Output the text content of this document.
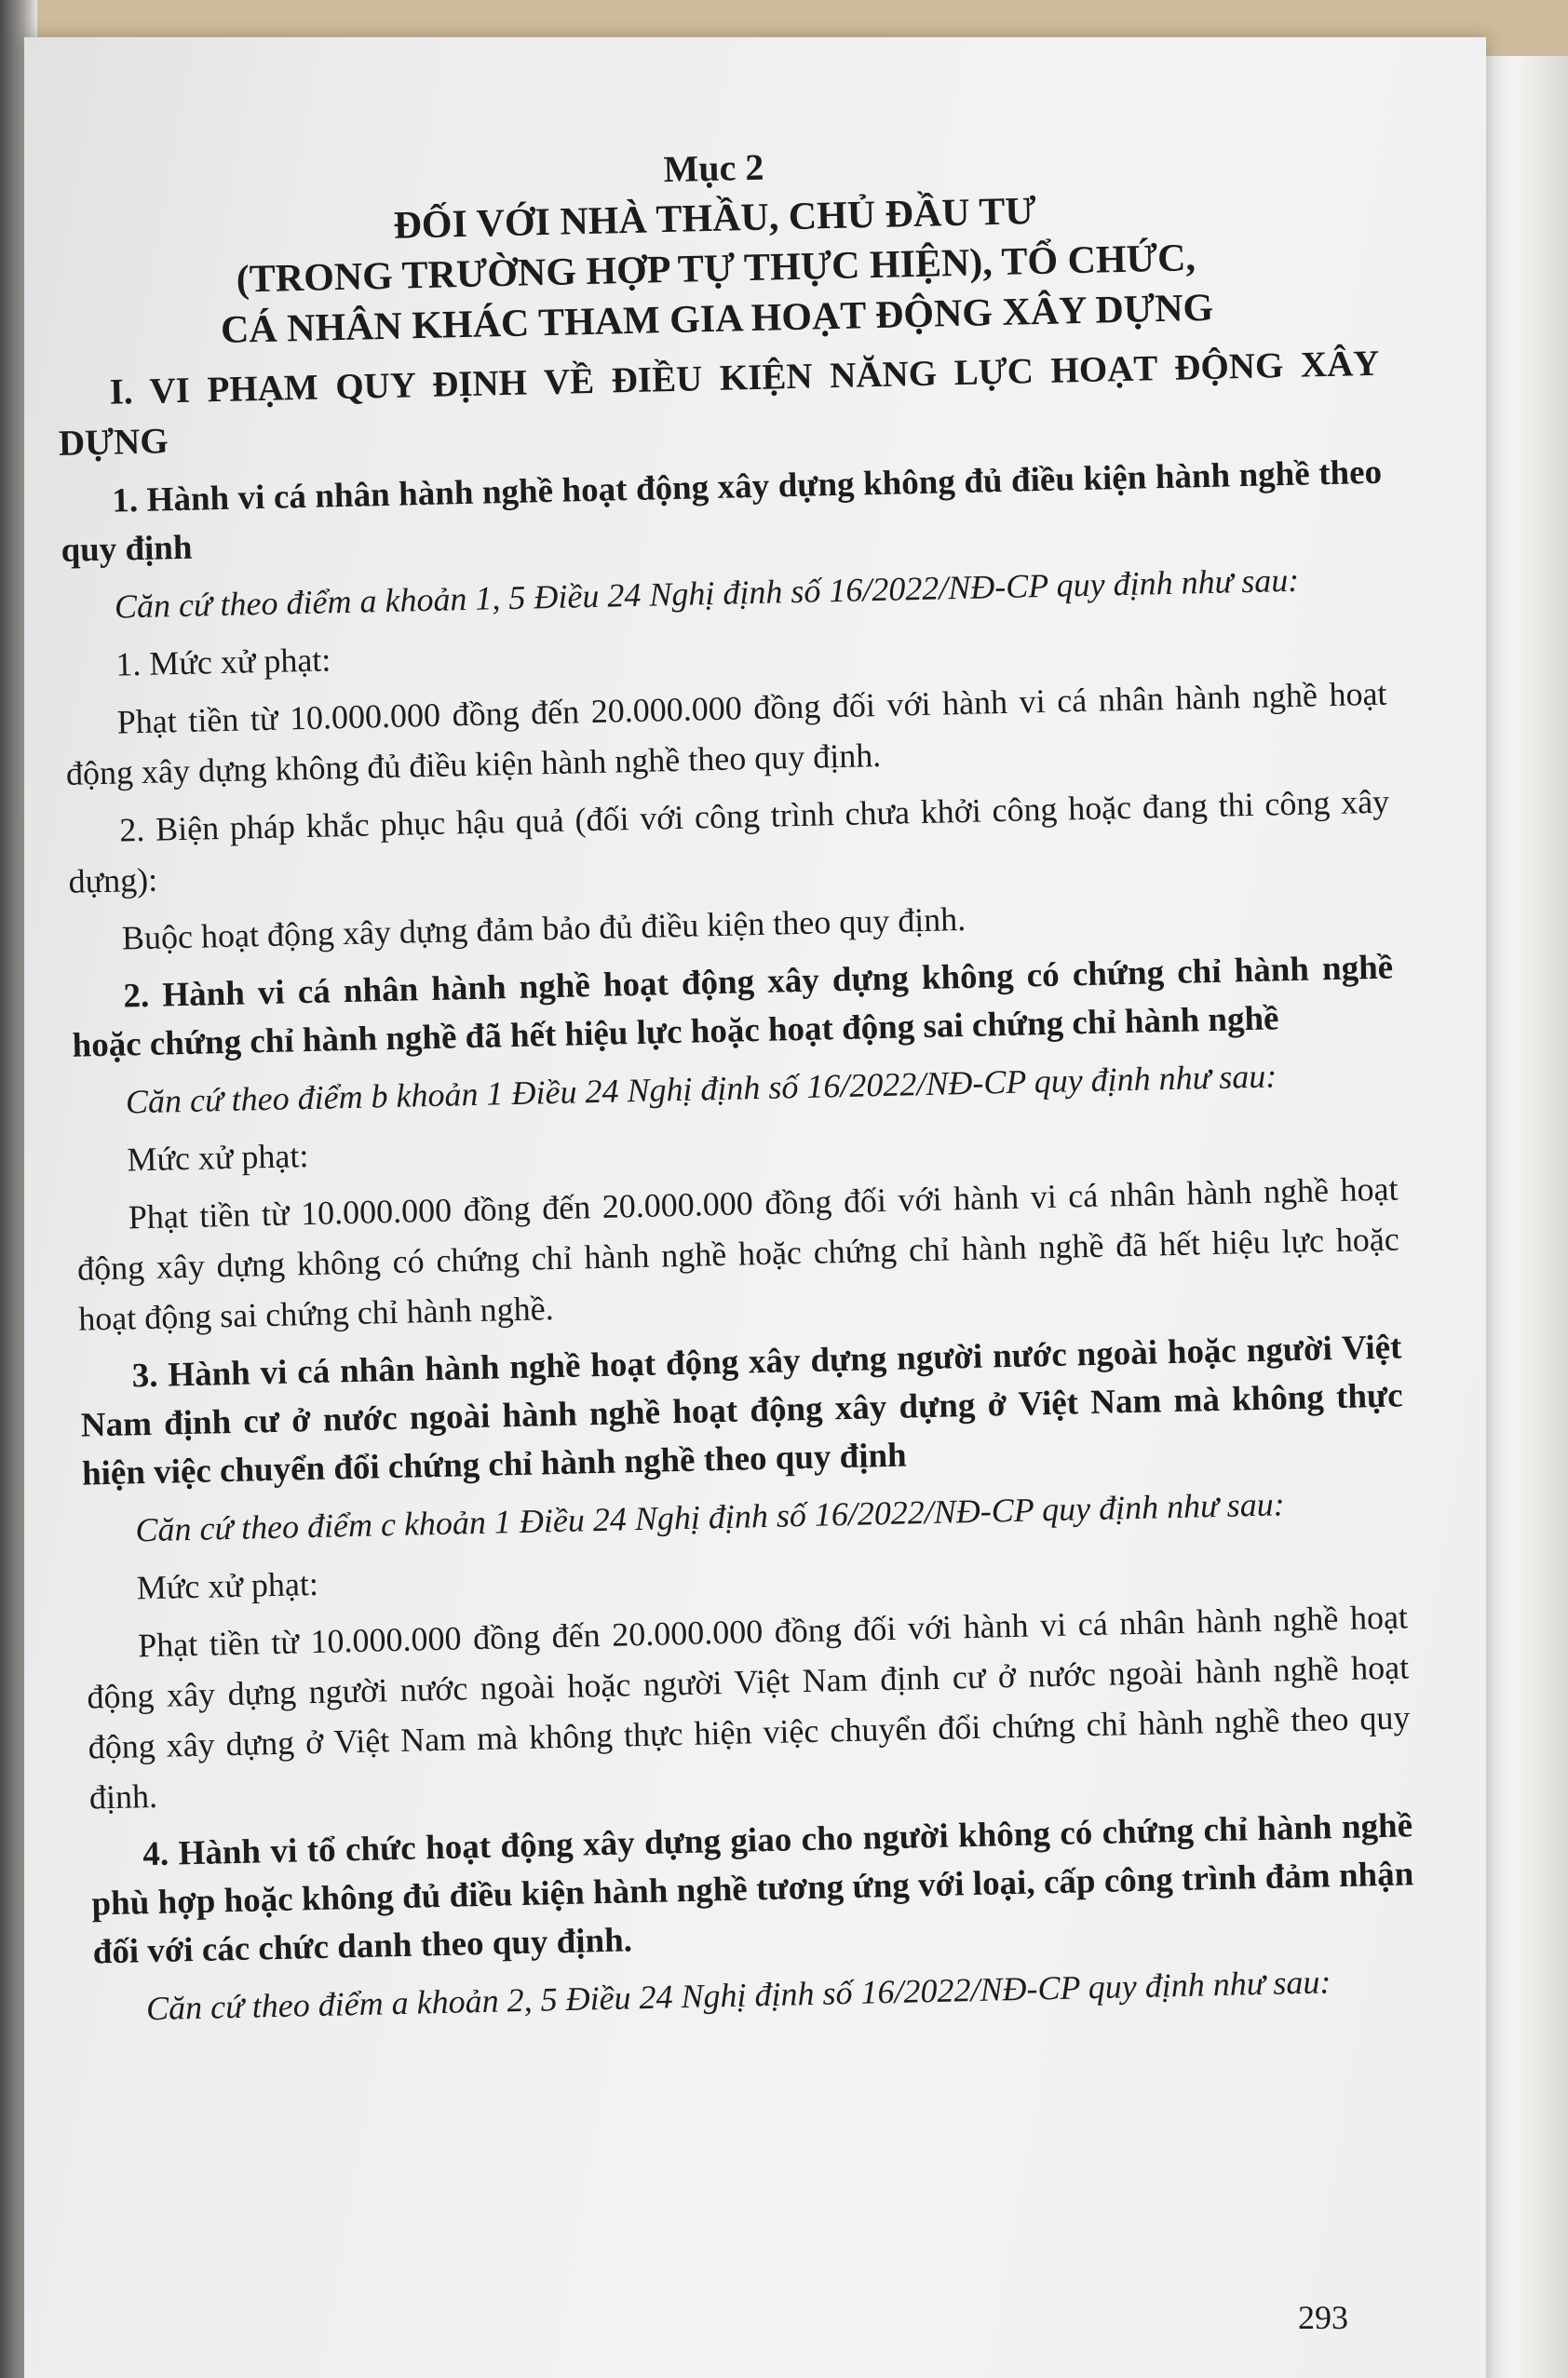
Mục 2
ĐỐI VỚI NHÀ THẦU, CHỦ ĐẦU TƯ
(TRONG TRƯỜNG HỢP TỰ THỰC HIỆN), TỔ CHỨC,
CÁ NHÂN KHÁC THAM GIA HOẠT ĐỘNG XÂY DỰNG
I. VI PHẠM QUY ĐỊNH VỀ ĐIỀU KIỆN NĂNG LỰC HOẠT ĐỘNG XÂY DỰNG
1. Hành vi cá nhân hành nghề hoạt động xây dựng không đủ điều kiện hành nghề theo quy định

Căn cứ theo điểm a khoản 1, 5 Điều 24 Nghị định số 16/2022/NĐ-CP quy định như sau:

1. Mức xử phạt:

Phạt tiền từ 10.000.000 đồng đến 20.000.000 đồng đối với hành vi cá nhân hành nghề hoạt động xây dựng không đủ điều kiện hành nghề theo quy định.

2. Biện pháp khắc phục hậu quả (đối với công trình chưa khởi công hoặc đang thi công xây dựng):

Buộc hoạt động xây dựng đảm bảo đủ điều kiện theo quy định.

2. Hành vi cá nhân hành nghề hoạt động xây dựng không có chứng chỉ hành nghề hoặc chứng chỉ hành nghề đã hết hiệu lực hoặc hoạt động sai chứng chỉ hành nghề

Căn cứ theo điểm b khoản 1 Điều 24 Nghị định số 16/2022/NĐ-CP quy định như sau:

Mức xử phạt:

Phạt tiền từ 10.000.000 đồng đến 20.000.000 đồng đối với hành vi cá nhân hành nghề hoạt động xây dựng không có chứng chỉ hành nghề hoặc chứng chỉ hành nghề đã hết hiệu lực hoặc hoạt động sai chứng chỉ hành nghề.

3. Hành vi cá nhân hành nghề hoạt động xây dựng người nước ngoài hoặc người Việt Nam định cư ở nước ngoài hành nghề hoạt động xây dựng ở Việt Nam mà không thực hiện việc chuyển đổi chứng chỉ hành nghề theo quy định

Căn cứ theo điểm c khoản 1 Điều 24 Nghị định số 16/2022/NĐ-CP quy định như sau:

Mức xử phạt:

Phạt tiền từ 10.000.000 đồng đến 20.000.000 đồng đối với hành vi cá nhân hành nghề hoạt động xây dựng người nước ngoài hoặc người Việt Nam định cư ở nước ngoài hành nghề hoạt động xây dựng ở Việt Nam mà không thực hiện việc chuyển đổi chứng chỉ hành nghề theo quy định.

4. Hành vi tổ chức hoạt động xây dựng giao cho người không có chứng chỉ hành nghề phù hợp hoặc không đủ điều kiện hành nghề tương ứng với loại, cấp công trình đảm nhận đối với các chức danh theo quy định.

Căn cứ theo điểm a khoản 2, 5 Điều 24 Nghị định số 16/2022/NĐ-CP quy định như sau:

293
